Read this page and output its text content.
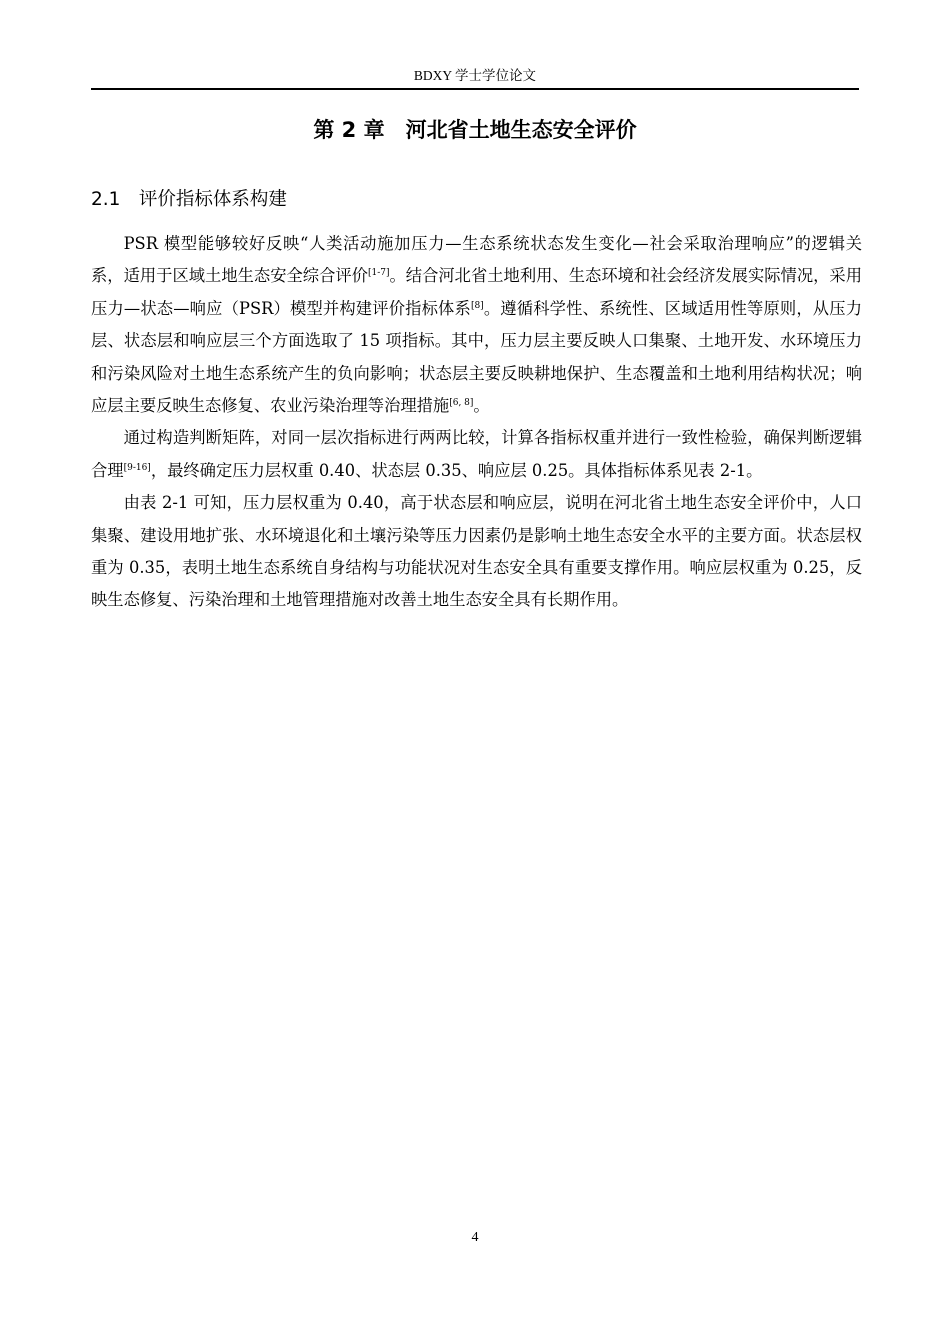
BDXY 学士学位论文
第 2 章　河北省土地生态安全评价
2.1　评价指标体系构建

PSR 模型能够较好反映“人类活动施加压力—生态系统状态发生变化—社会采取治理响应”的逻辑关系，适用于区域土地生态安全综合评价[1-7]。结合河北省土地利用、生态环境和社会经济发展实际情况，采用压力—状态—响应（PSR）模型并构建评价指标体系[8]。遵循科学性、系统性、区域适用性等原则，从压力层、状态层和响应层三个方面选取了 15 项指标。其中，压力层主要反映人口集聚、土地开发、水环境压力和污染风险对土地生态系统产生的负向影响；状态层主要反映耕地保护、生态覆盖和土地利用结构状况；响应层主要反映生态修复、农业污染治理等治理措施[6, 8]。

通过构造判断矩阵，对同一层次指标进行两两比较，计算各指标权重并进行一致性检验，确保判断逻辑合理[9-16]，最终确定压力层权重 0.40、状态层 0.35、响应层 0.25。具体指标体系见表 2-1。

由表 2-1 可知，压力层权重为 0.40，高于状态层和响应层，说明在河北省土地生态安全评价中，人口集聚、建设用地扩张、水环境退化和土壤污染等压力因素仍是影响土地生态安全水平的主要方面。状态层权重为 0.35，表明土地生态系统自身结构与功能状况对生态安全具有重要支撑作用。响应层权重为 0.25，反映生态修复、污染治理和土地管理措施对改善土地生态安全具有长期作用。

4
